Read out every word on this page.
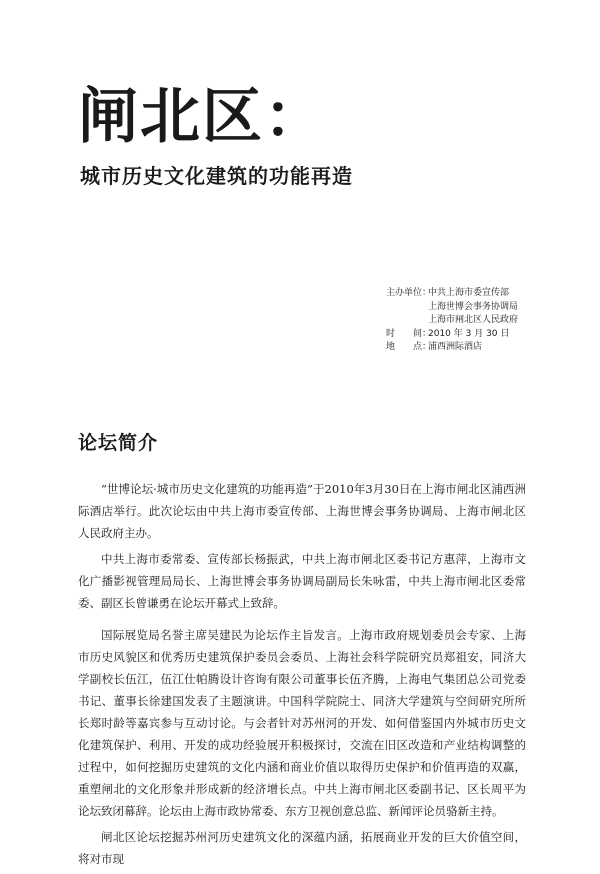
闸北区：
城市历史文化建筑的功能再造
主办单位：
中共上海市委宣传部
上海世博会事务协调局
上海市闸北区人民政府
时　　间：
2010 年 3 月 30 日
地　　点：
浦西洲际酒店
论坛简介

“世博论坛·城市历史文化建筑的功能再造”于2010年3月30日在上海市闸北区浦西洲际酒店举行。此次论坛由中共上海市委宣传部、上海世博会事务协调局、上海市闸北区人民政府主办。

中共上海市委常委、宣传部长杨振武，中共上海市闸北区委书记方惠萍，上海市文化广播影视管理局局长、上海世博会事务协调局副局长朱咏雷，中共上海市闸北区委常委、副区长曾谦勇在论坛开幕式上致辞。

国际展览局名誉主席吴建民为论坛作主旨发言。上海市政府规划委员会专家、上海市历史风貌区和优秀历史建筑保护委员会委员、上海社会科学院研究员郑祖安，同济大学副校长伍江，伍江仕帕腾设计咨询有限公司董事长伍齐腾，上海电气集团总公司党委书记、董事长徐建国发表了主题演讲。中国科学院院士、同济大学建筑与空间研究所所长郑时龄等嘉宾参与互动讨论。与会者针对苏州河的开发、如何借鉴国内外城市历史文化建筑保护、利用、开发的成功经验展开积极探讨，交流在旧区改造和产业结构调整的过程中，如何挖掘历史建筑的文化内涵和商业价值以取得历史保护和价值再造的双赢，重塑闸北的文化形象并形成新的经济增长点。中共上海市闸北区委副书记、区长周平为论坛致闭幕辞。论坛由上海市政协常委、东方卫视创意总监、新闻评论员骆新主持。

闸北区论坛挖掘苏州河历史建筑文化的深蕴内涵，拓展商业开发的巨大价值空间，将对市现
